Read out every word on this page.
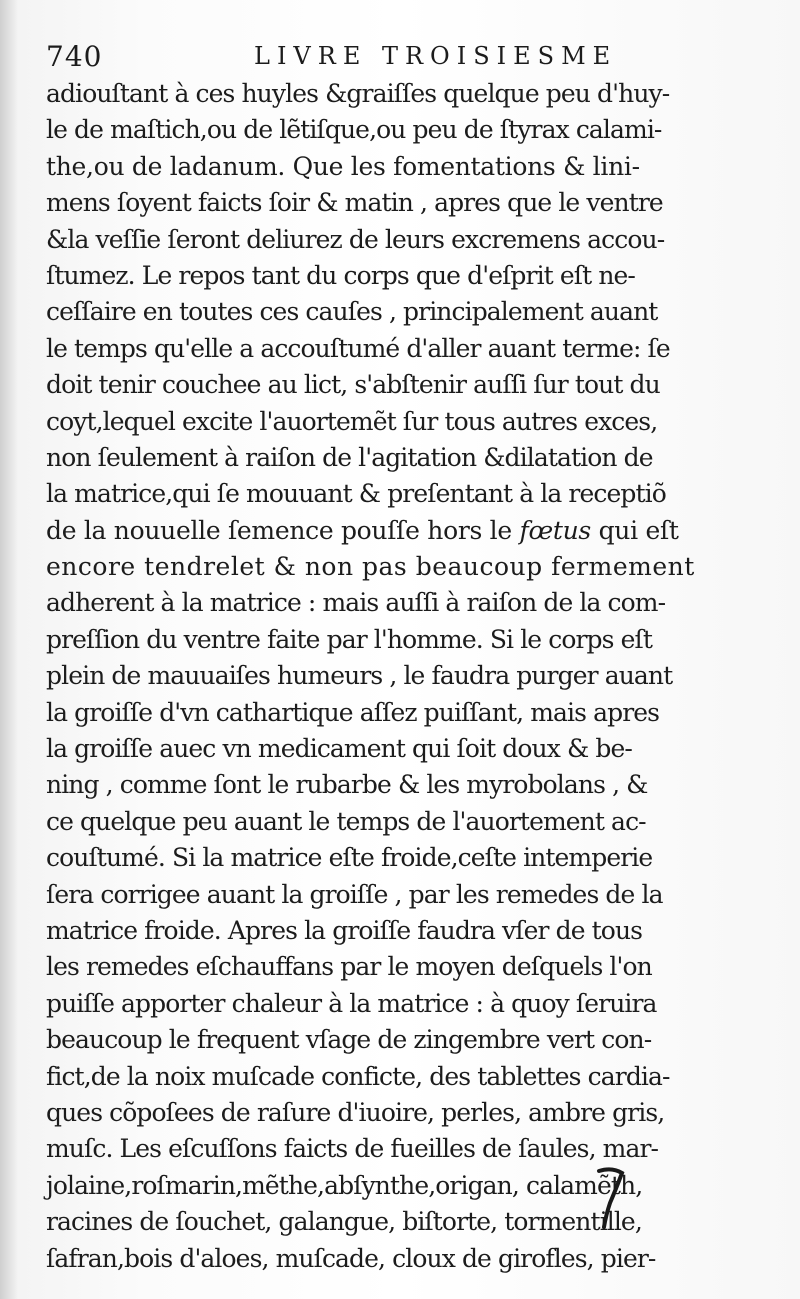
740	LIVRE TROISIESME
adiouſtant à ces huyles &graiſſes quelque peu d'huy-
le de maſtich,ou de lẽtiſque,ou peu de ſtyrax calami-
the,ou de ladanum. Que les fomentations & lini-
mens ſoyent faicts ſoir & matin , apres que le ventre
&la veſſie ſeront deliurez de leurs excremens accou-
ſtumez. Le repos tant du corps que d'eſprit eſt ne-
ceſſaire en toutes ces cauſes , principalement auant
le temps qu'elle a accouſtumé d'aller auant terme: ſe
doit tenir couchee au lict, s'abſtenir auſſi ſur tout du
coyt,lequel excite l'auortemẽt ſur tous autres exces,
non ſeulement à raiſon de l'agitation &dilatation de
la matrice,qui ſe mouuant & preſentant à la receptiõ
de la nouuelle ſemence pouſſe hors le fœtus qui eſt
encore tendrelet & non pas beaucoup fermement
adherent à la matrice : mais auſſi à raiſon de la com-
preſſion du ventre faite par l'homme. Si le corps eſt
plein de mauuaiſes humeurs , le faudra purger auant
la groiſſe d'vn cathartique aſſez puiſſant, mais apres
la groiſſe auec vn medicament qui ſoit doux & be-
ning , comme ſont le rubarbe & les myrobolans , &
ce quelque peu auant le temps de l'auortement ac-
couſtumé. Si la matrice eſte froide,ceſte intemperie
ſera corrigee auant la groiſſe , par les remedes de la
matrice froide. Apres la groiſſe faudra vſer de tous
les remedes eſchauffans par le moyen deſquels l'on
puiſſe apporter chaleur à la matrice : à quoy ſeruira
beaucoup le frequent vſage de zingembre vert con-
fict,de la noix muſcade confictе, des tablettes cardia-
ques cõpoſees de raſure d'iuoire, perles, ambre gris,
muſc. Les eſcuſſons faicts de fueilles de ſaules, mar-
jolaine,roſmarin,mẽthe,abſynthe,origan, calamẽth,
racines de ſouchet, galangue, biſtorte, tormentille,
ſafran,bois d'aloes, muſcade, cloux de girofles, pier-
